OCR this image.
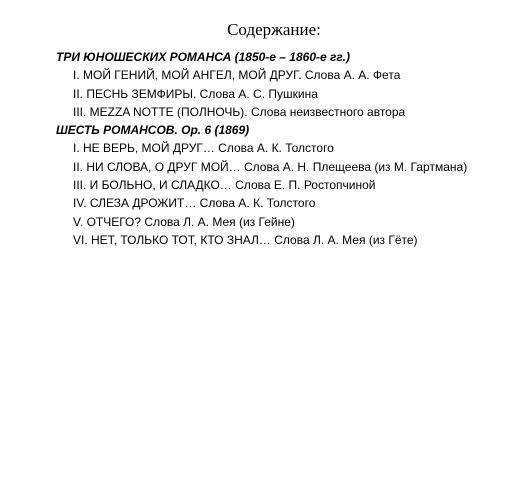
Содержание:
ТРИ ЮНОШЕСКИХ РОМАНСА (1850-е – 1860-е гг.)
I. МОЙ ГЕНИЙ, МОЙ АНГЕЛ, МОЙ ДРУГ. Слова А. А. Фета
II. ПЕСНЬ ЗЕМФИРЫ. Слова А. С. Пушкина
III. MEZZA NOTTE (ПОЛНОЧЬ). Слова неизвестного автора
ШЕСТЬ РОМАНСОВ. Op. 6 (1869)
I. НЕ ВЕРЬ, МОЙ ДРУГ… Слова А. К. Толстого
II. НИ СЛОВА, О ДРУГ МОЙ… Слова А. Н. Плещеева (из М. Гартмана)
III. И БОЛЬНО, И СЛАДКО… Слова Е. П. Ростопчиной
IV. СЛЕЗА ДРОЖИТ… Слова А. К. Толстого
V. ОТЧЕГО? Слова Л. А. Мея (из Гейне)
VI. НЕТ, ТОЛЬКО ТОТ, КТО ЗНАЛ… Слова Л. А. Мея (из Гёте)
